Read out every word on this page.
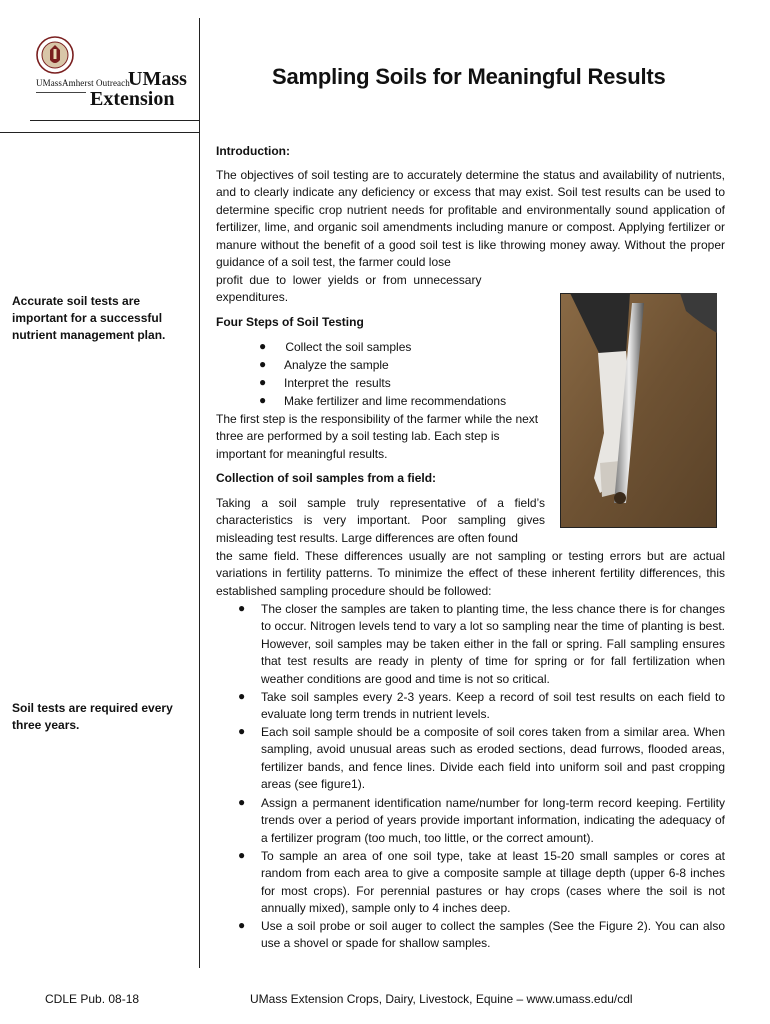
UMassAmherst Outreach
UMass
Extension
Sampling Soils for Meaningful Results
Accurate soil tests are important for a successful nutrient management plan.
Soil tests are required every three years.
Introduction:
The objectives of soil testing are to accurately determine the status and availability of nutrients, and to clearly indicate any deficiency or excess that may exist. Soil test results can be used to determine specific crop nutrient needs for profitable and environmentally sound application of fertilizer, lime, and organic soil amendments including manure or compost. Applying fertilizer or manure without the benefit of a good soil test is like throwing money away. Without the proper guidance of a soil test, the farmer could lose
profit  due  to  lower  yields  or  from  unnecessary
expenditures.
Four Steps of Soil Testing
● Collect the soil samples
● Analyze the sample
● Interpret the  results
● Make fertilizer and lime recommendations
The first step is the responsibility of the farmer while the next three are performed by a soil testing lab. Each step is important for meaningful results.
Collection of soil samples from a field:
Taking a soil sample truly representative of a field’s characteristics is very important. Poor sampling gives misleading test results. Large differences are often found
the same field. These differences usually are not sampling or testing errors but are actual variations in fertility patterns. To minimize the effect of these inherent fertility differences, this established sampling procedure should be followed:
● The closer the samples are taken to planting time, the less chance there is for changes to occur. Nitrogen levels tend to vary a lot so sampling near the time of planting is best. However, soil samples may be taken either in the fall or spring. Fall sampling ensures that test results are ready in plenty of time for spring or for fall fertilization when weather conditions are good and time is not so critical.
● Take soil samples every 2-3 years. Keep a record of soil test results on each field to evaluate long term trends in nutrient levels.
● Each soil sample should be a composite of soil cores taken from a similar area. When sampling, avoid unusual areas such as eroded sections, dead furrows, flooded areas, fertilizer bands, and fence lines. Divide each field into uniform soil and past cropping areas (see figure1).
● Assign a permanent identification name/number for long-term record keeping. Fertility trends over a period of years provide important information, indicating the adequacy of a fertilizer program (too much, too little, or the correct amount).
● To sample an area of one soil type, take at least 15-20 small samples or cores at random from each area to give a composite sample at tillage depth (upper 6-8 inches for most crops). For perennial pastures or hay crops (cases where the soil is not annually mixed), sample only to 4 inches deep.
● Use a soil probe or soil auger to collect the samples (See the Figure 2). You can also use a shovel or spade for shallow samples.
CDLE Pub. 08-18	UMass Extension Crops, Dairy, Livestock, Equine – www.umass.edu/cdl
